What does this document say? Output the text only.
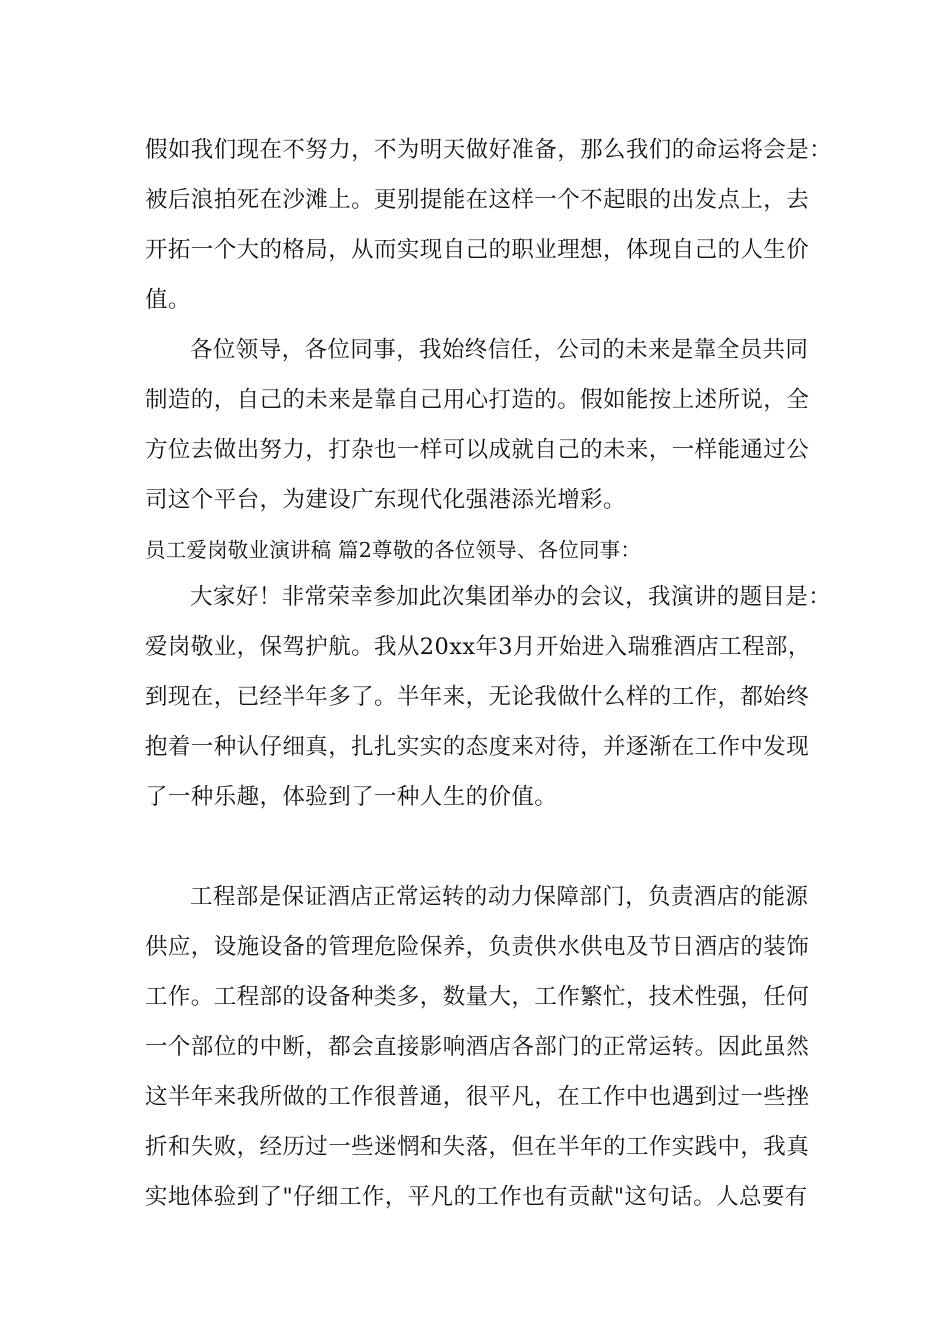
假如我们现在不努力，不为明天做好准备，那么我们的命运将会是：
被后浪拍死在沙滩上。更别提能在这样一个不起眼的出发点上，去
开拓一个大的格局，从而实现自己的职业理想，体现自己的人生价
值。
各位领导，各位同事，我始终信任，公司的未来是靠全员共同
制造的，自己的未来是靠自己用心打造的。假如能按上述所说，全
方位去做出努力，打杂也一样可以成就自己的未来，一样能通过公
司这个平台，为建设广东现代化强港添光增彩。
员工爱岗敬业演讲稿 篇2尊敬的各位领导、各位同事：
大家好！非常荣幸参加此次集团举办的会议，我演讲的题目是：
爱岗敬业，保驾护航。我从20xx年3月开始进入瑞雅酒店工程部，
到现在，已经半年多了。半年来，无论我做什么样的工作，都始终
抱着一种认仔细真，扎扎实实的态度来对待，并逐渐在工作中发现
了一种乐趣，体验到了一种人生的价值。
工程部是保证酒店正常运转的动力保障部门，负责酒店的能源
供应，设施设备的管理危险保养，负责供水供电及节日酒店的装饰
工作。工程部的设备种类多，数量大，工作繁忙，技术性强，任何
一个部位的中断，都会直接影响酒店各部门的正常运转。因此虽然
这半年来我所做的工作很普通，很平凡，在工作中也遇到过一些挫
折和失败，经历过一些迷惘和失落，但在半年的工作实践中，我真
实地体验到了"仔细工作，平凡的工作也有贡献"这句话。人总要有
